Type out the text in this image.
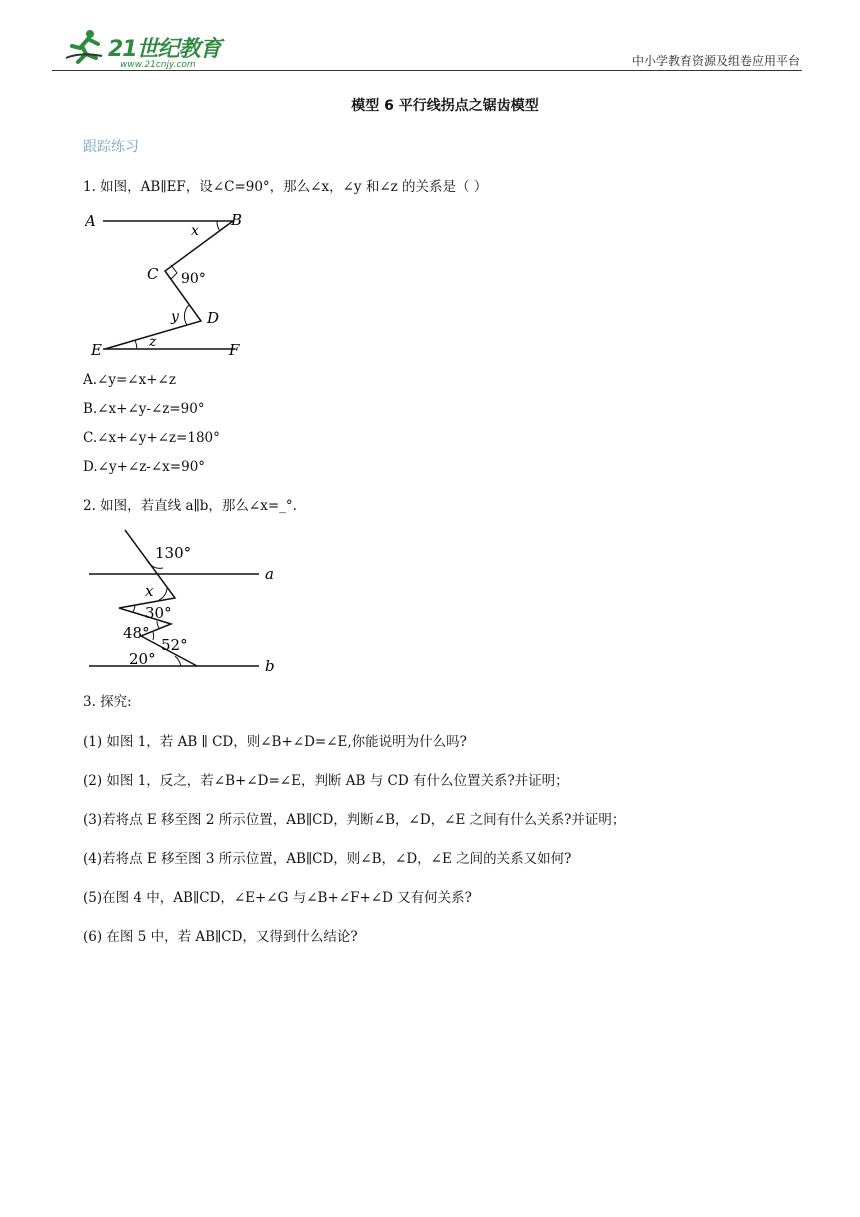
21世纪教育
www.21cnjy.com	中小学教育资源及组卷应用平台
模型 6 平行线拐点之锯齿模型
跟踪练习
1. 如图，AB∥EF，设∠C=90°，那么∠x，∠y 和∠z 的关系是（ ）
A	B
x
C 90°
y D
z
E	F
A.∠y=∠x+∠z
B.∠x+∠y-∠z=90°
C.∠x+∠y+∠z=180°
D.∠y+∠z-∠x=90°
2. 如图，若直线 a∥b，那么∠x=_°.
130°
a
x
30°
48°
52°
20°	b
3. 探究:
(1) 如图 1，若 AB ∥ CD，则∠B+∠D=∠E,你能说明为什么吗?
(2) 如图 1，反之，若∠B+∠D=∠E，判断 AB 与 CD 有什么位置关系?并证明；
(3)若将点 E 移至图 2 所示位置，AB∥CD，判断∠B，∠D，∠E 之间有什么关系?并证明；
(4)若将点 E 移至图 3 所示位置，AB∥CD，则∠B，∠D，∠E 之间的关系又如何?
(5)在图 4 中，AB∥CD，∠E+∠G 与∠B+∠F+∠D 又有何关系?
(6) 在图 5 中，若 AB∥CD，又得到什么结论?
